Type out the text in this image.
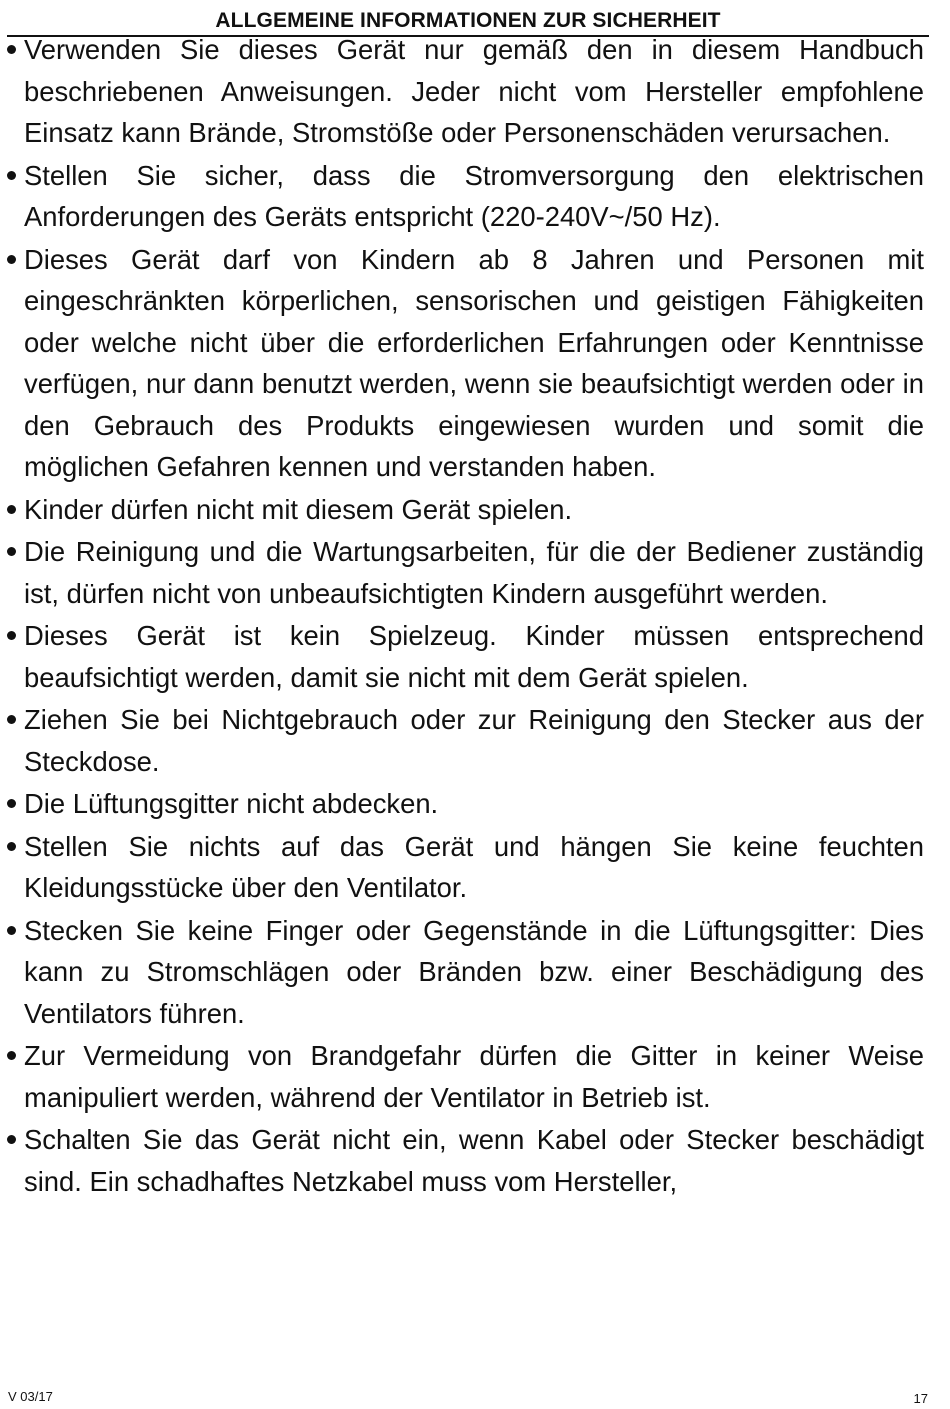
ALLGEMEINE INFORMATIONEN ZUR SICHERHEIT
Verwenden Sie dieses Gerät nur gemäß den in diesem Handbuch beschriebenen Anweisungen. Jeder nicht vom Hersteller empfohlene Einsatz kann Brände, Stromstöße oder Personenschäden verursachen.
Stellen Sie sicher, dass die Stromversorgung den elektrischen Anforderungen des Geräts entspricht (220-240V~/50 Hz).
Dieses Gerät darf von Kindern ab 8 Jahren und Personen mit eingeschränkten körperlichen, sensorischen und geistigen Fähigkeiten oder welche nicht über die erforderlichen Erfahrungen oder Kenntnisse verfügen, nur dann benutzt werden, wenn sie beaufsichtigt werden oder in den Gebrauch des Produkts eingewiesen wurden und somit die möglichen Gefahren kennen und verstanden haben.
Kinder dürfen nicht mit diesem Gerät spielen.
Die Reinigung und die Wartungsarbeiten, für die der Bediener zuständig ist, dürfen nicht von unbeaufsichtigten Kindern ausgeführt werden.
Dieses Gerät ist kein Spielzeug. Kinder müssen entsprechend beaufsichtigt werden, damit sie nicht mit dem Gerät spielen.
Ziehen Sie bei Nichtgebrauch oder zur Reinigung den Stecker aus der Steckdose.
Die Lüftungsgitter nicht abdecken.
Stellen Sie nichts auf das Gerät und hängen Sie keine feuchten Kleidungsstücke über den Ventilator.
Stecken Sie keine Finger oder Gegenstände in die Lüftungsgitter: Dies kann zu Stromschlägen oder Bränden bzw. einer Beschädigung des Ventilators führen.
Zur Vermeidung von Brandgefahr dürfen die Gitter in keiner Weise manipuliert werden, während der Ventilator in Betrieb ist.
Schalten Sie das Gerät nicht ein, wenn Kabel oder Stecker beschädigt sind. Ein schadhaftes Netzkabel muss vom Hersteller,
V 03/17	17
